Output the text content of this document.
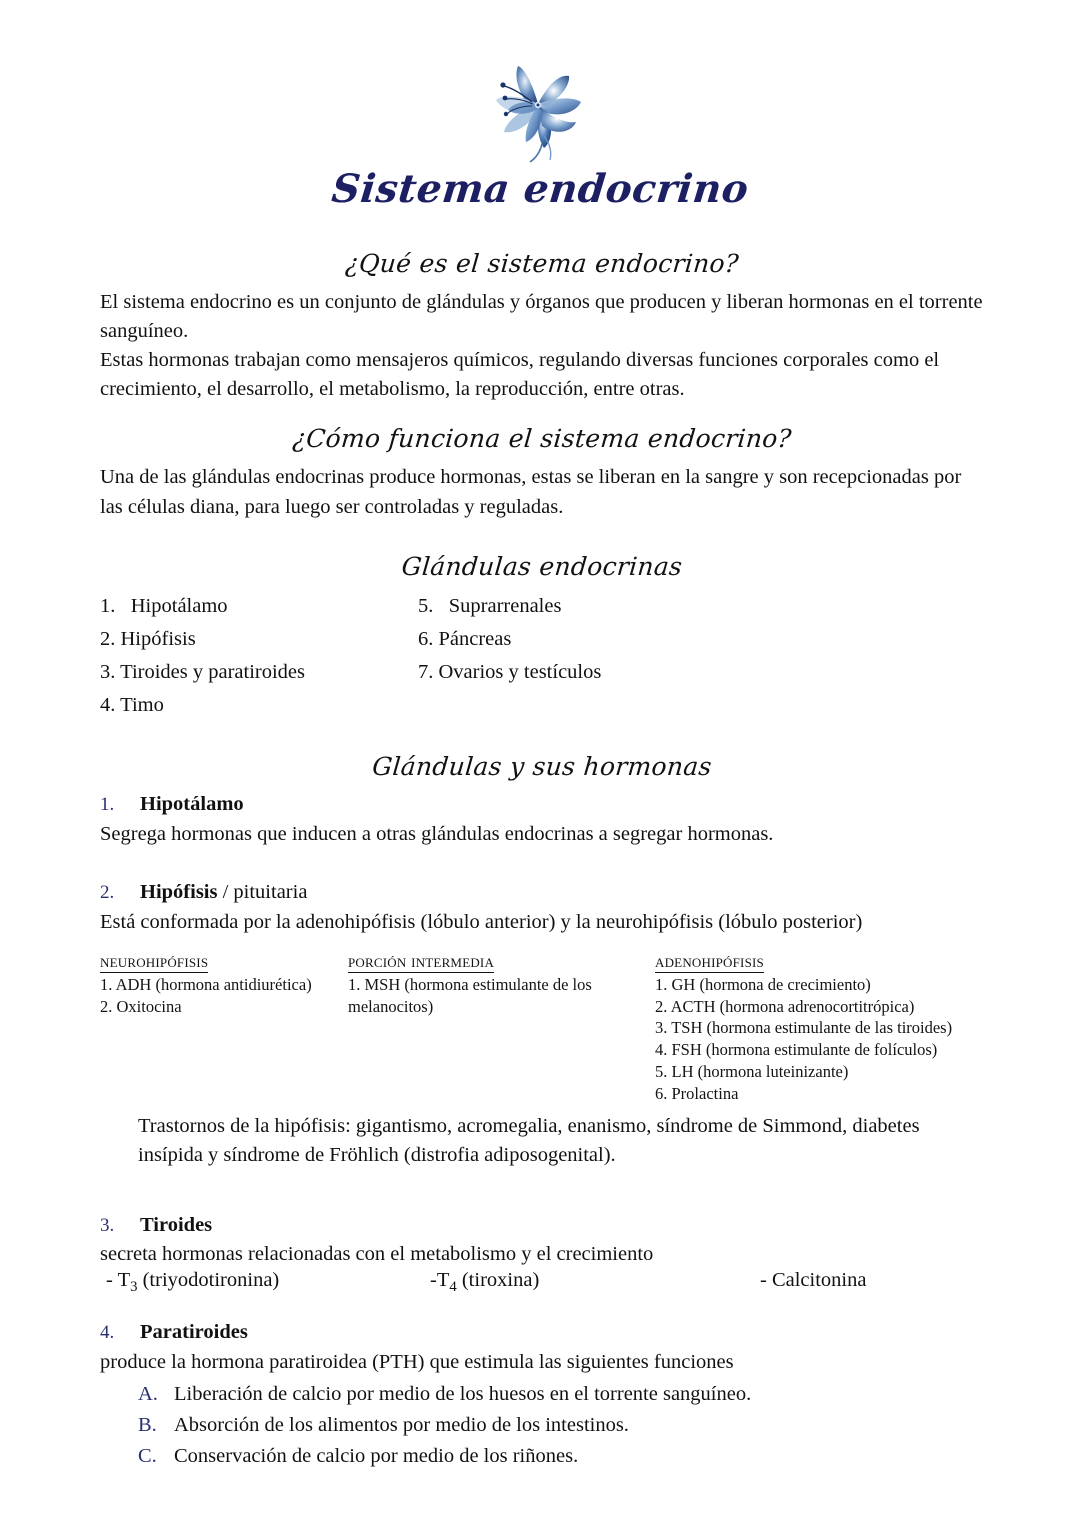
Sistema endocrino
¿Qué es el sistema endocrino?

El sistema endocrino es un conjunto de glándulas y órganos que producen y liberan hormonas en el torrente sanguíneo.

Estas hormonas trabajan como mensajeros químicos, regulando diversas funciones corporales como el crecimiento, el desarrollo, el metabolismo, la reproducción, entre otras.

¿Cómo funciona el sistema endocrino?

Una de las glándulas endocrinas produce hormonas, estas se liberan en la sangre y son recepcionadas por las células diana, para luego ser controladas y reguladas.

Glándulas endocrinas
1. Hipotálamo
2. Hipófisis
3. Tiroides y paratiroides
4. Timo
5. Suprarrenales
6. Páncreas
7. Ovarios y testículos
Glándulas y sus hormonas
1. Hipotálamo

Segrega hormonas que inducen a otras glándulas endocrinas a segregar hormonas.

2. Hipófisis / pituitaria

Está conformada por la adenohipófisis (lóbulo anterior) y la neurohipófisis (lóbulo posterior)

neurohipófisis
1. ADH (hormona antidiurética)
2. Oxitocina
porción intermedia
1. MSH (hormona estimulante de los melanocitos)
adenohipófisis
1. GH (hormona de crecimiento)
2. ACTH (hormona adrenocortitrópica)
3. TSH (hormona estimulante de las tiroides)
4. FSH (hormona estimulante de folículos)
5. LH (hormona luteinizante)
6. Prolactina

Trastornos de la hipófisis: gigantismo, acromegalia, enanismo, síndrome de Simmond, diabetes insípida y síndrome de Fröhlich (distrofia adiposogenital).

3. Tiroides

secreta hormonas relacionadas con el metabolismo y el crecimiento

- $T_3$ (triyodotironina)	$-T_4$ (tiroxina)	- Calcitonina
4. Paratiroides

produce la hormona paratiroidea (PTH) que estimula las siguientes funciones

A. Liberación de calcio por medio de los huesos en el torrente sanguíneo.
B. Absorción de los alimentos por medio de los intestinos.
C. Conservación de calcio por medio de los riñones.
